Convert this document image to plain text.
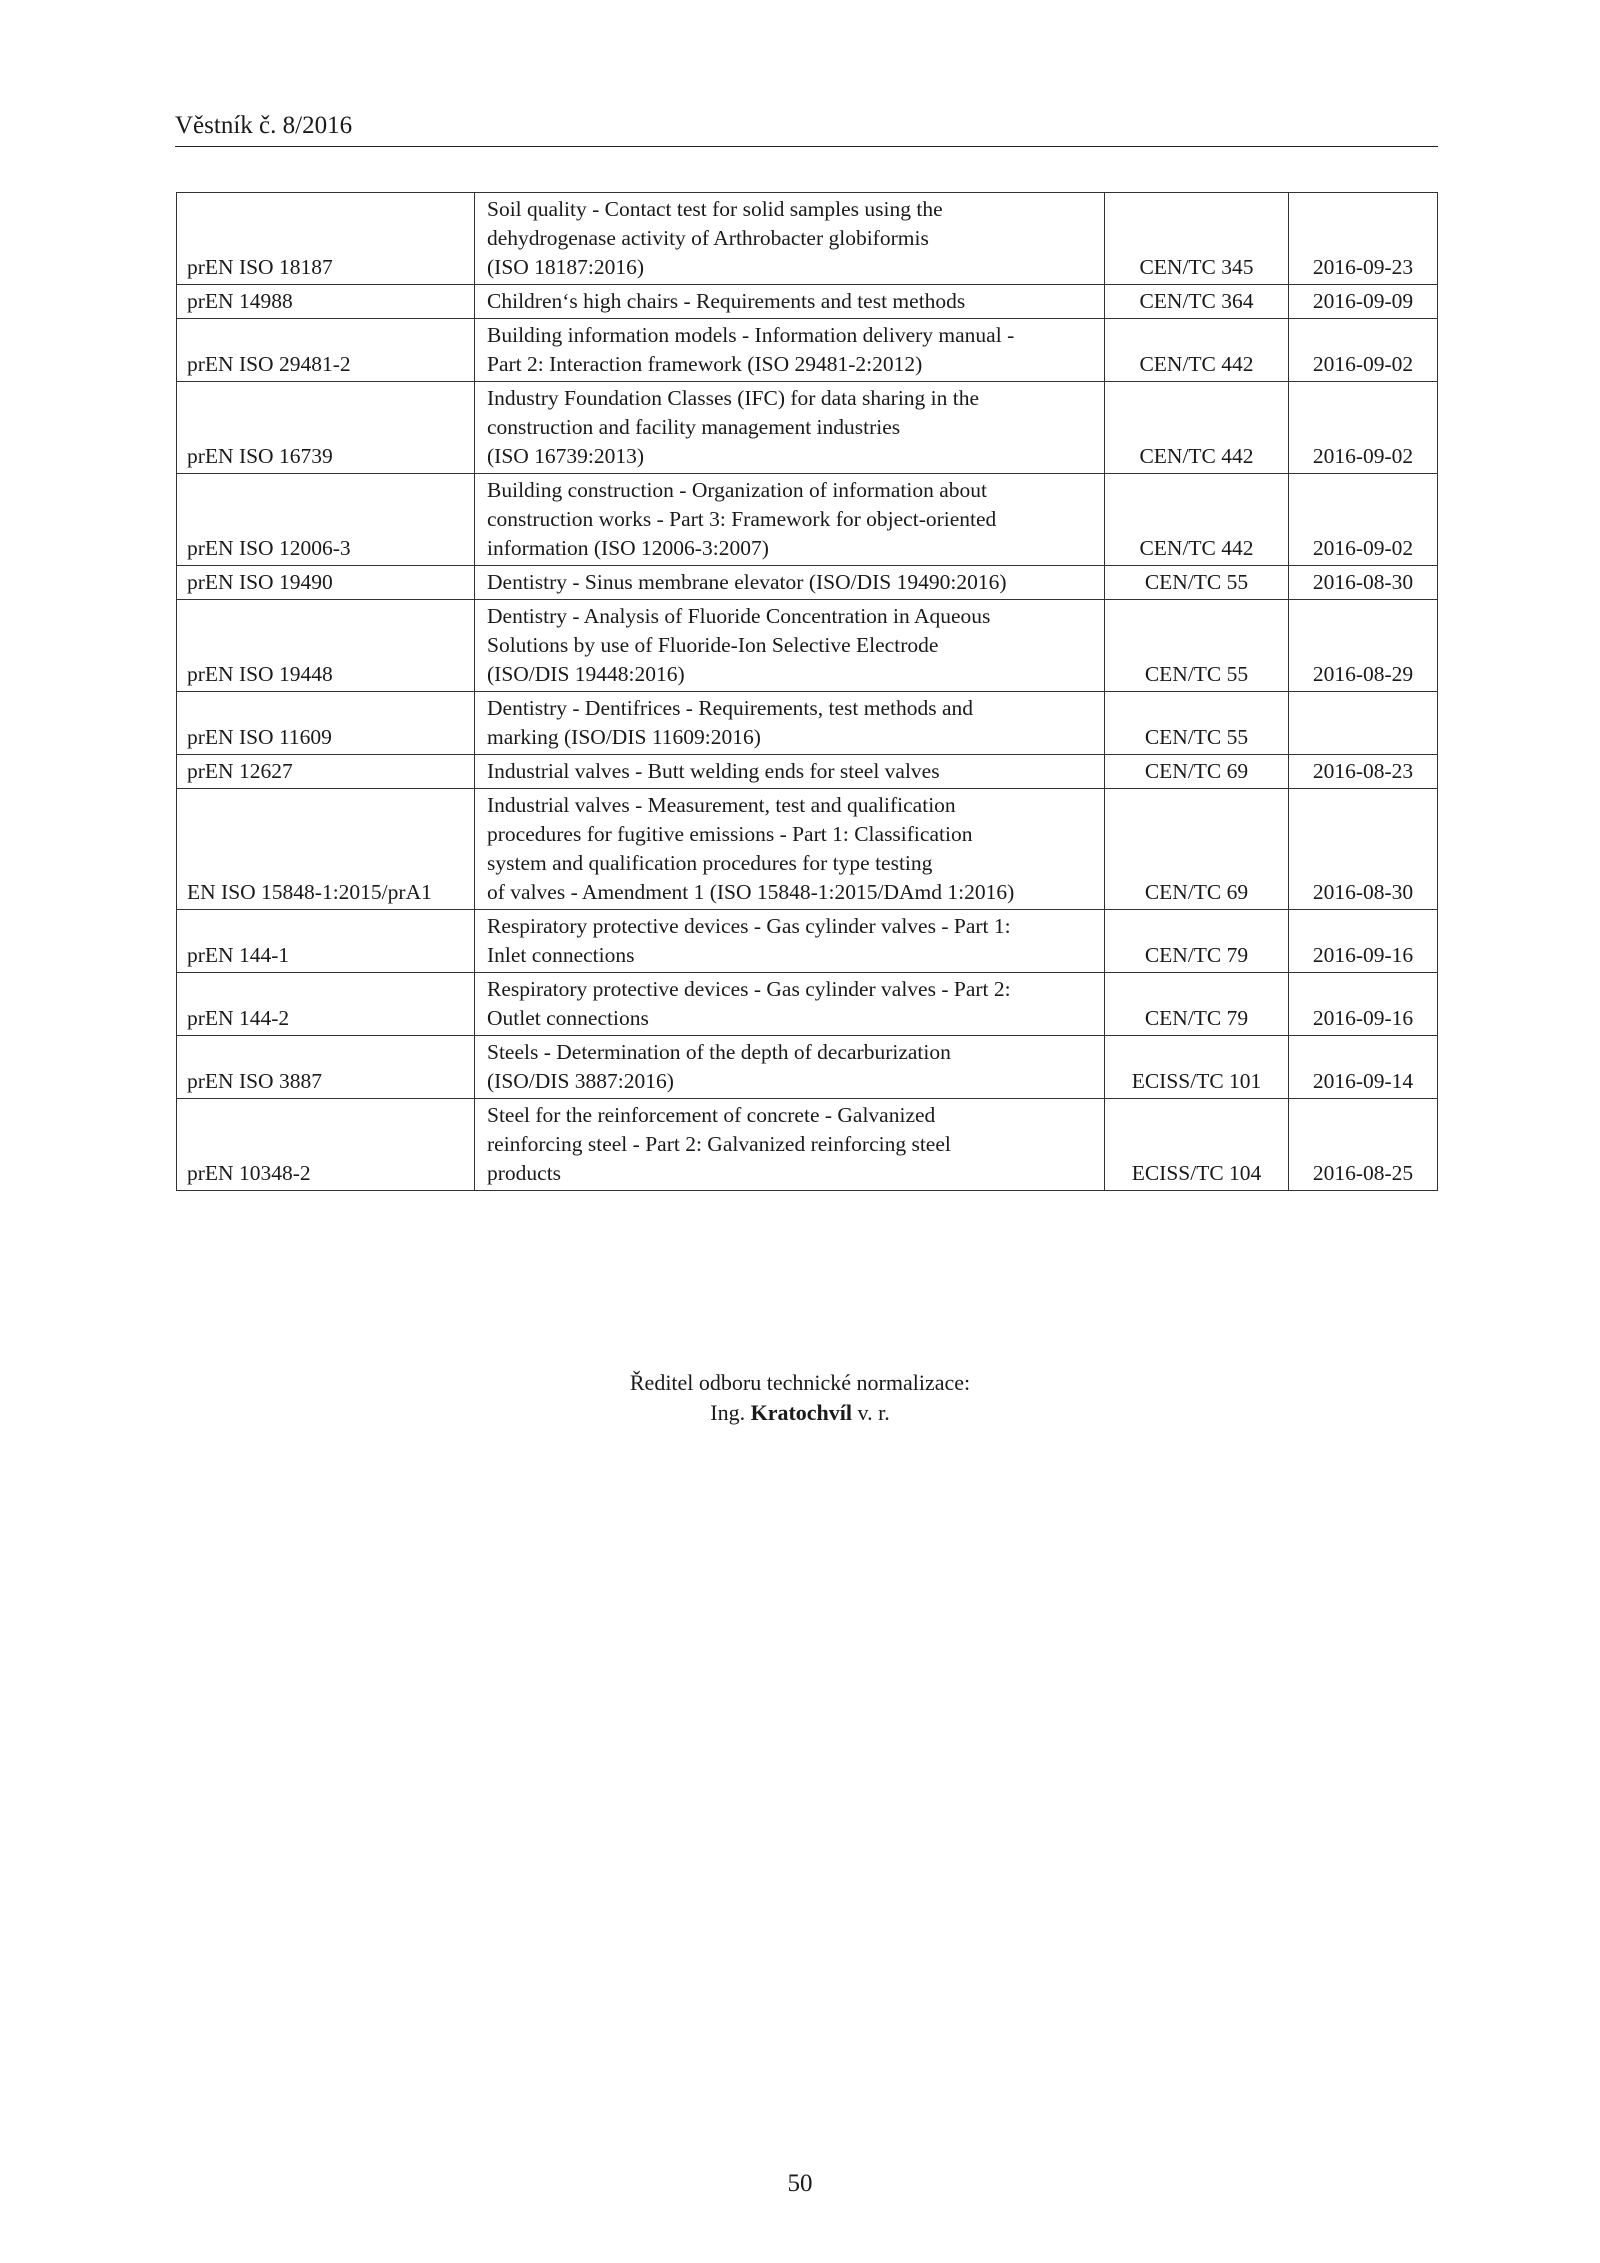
Věstník č. 8/2016
prEN ISO 18187	Soil quality - Contact test for solid samples using the
dehydrogenase activity of Arthrobacter globiformis
(ISO 18187:2016)	CEN/TC 345	2016-09-23
prEN 14988	Children‘s high chairs - Requirements and test methods	CEN/TC 364	2016-09-09
prEN ISO 29481-2	Building information models - Information delivery manual -
Part 2: Interaction framework (ISO 29481-2:2012)	CEN/TC 442	2016-09-02
prEN ISO 16739	Industry Foundation Classes (IFC) for data sharing in the
construction and facility management industries
(ISO 16739:2013)	CEN/TC 442	2016-09-02
prEN ISO 12006-3	Building construction - Organization of information about
construction works - Part 3: Framework for object-oriented
information (ISO 12006-3:2007)	CEN/TC 442	2016-09-02
prEN ISO 19490	Dentistry - Sinus membrane elevator (ISO/DIS 19490:2016)	CEN/TC 55	2016-08-30
prEN ISO 19448	Dentistry - Analysis of Fluoride Concentration in Aqueous
Solutions by use of Fluoride-Ion Selective Electrode
(ISO/DIS 19448:2016)	CEN/TC 55	2016-08-29
prEN ISO 11609	Dentistry - Dentifrices - Requirements, test methods and
marking (ISO/DIS 11609:2016)	CEN/TC 55	
prEN 12627	Industrial valves - Butt welding ends for steel valves	CEN/TC 69	2016-08-23
EN ISO 15848-1:2015/prA1	Industrial valves - Measurement, test and qualification
procedures for fugitive emissions - Part 1: Classification
system and qualification procedures for type testing
of valves - Amendment 1 (ISO 15848-1:2015/DAmd 1:2016)	CEN/TC 69	2016-08-30
prEN 144-1	Respiratory protective devices - Gas cylinder valves - Part 1:
Inlet connections	CEN/TC 79	2016-09-16
prEN 144-2	Respiratory protective devices - Gas cylinder valves - Part 2:
Outlet connections	CEN/TC 79	2016-09-16
prEN ISO 3887	Steels - Determination of the depth of decarburization
(ISO/DIS 3887:2016)	ECISS/TC 101	2016-09-14
prEN 10348-2	Steel for the reinforcement of concrete - Galvanized
reinforcing steel - Part 2: Galvanized reinforcing steel
products	ECISS/TC 104	2016-08-25
Ředitel odboru technické normalizace:
Ing. Kratochvíl v. r.
50
